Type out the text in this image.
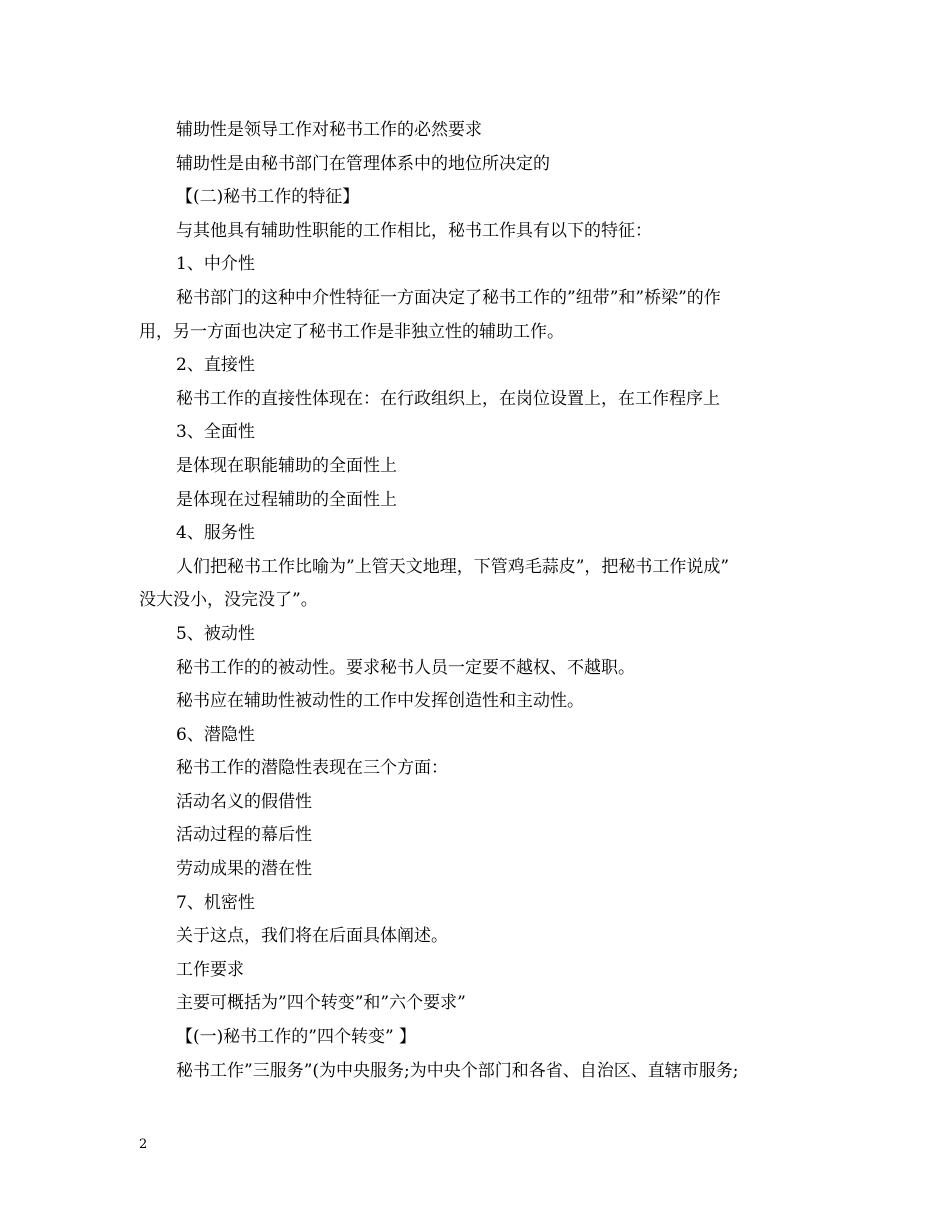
辅助性是领导工作对秘书工作的必然要求
辅助性是由秘书部门在管理体系中的地位所决定的
【(二)秘书工作的特征】
与其他具有辅助性职能的工作相比，秘书工作具有以下的特征：
1、中介性
秘书部门的这种中介性特征一方面决定了秘书工作的”纽带”和”桥梁”的作
用，另一方面也决定了秘书工作是非独立性的辅助工作。
2、直接性
秘书工作的直接性体现在：在行政组织上，在岗位设置上，在工作程序上
3、全面性
是体现在职能辅助的全面性上
是体现在过程辅助的全面性上
4、服务性
人们把秘书工作比喻为”上管天文地理，下管鸡毛蒜皮”，把秘书工作说成”
没大没小，没完没了”。
5、被动性
秘书工作的的被动性。要求秘书人员一定要不越权、不越职。
秘书应在辅助性被动性的工作中发挥创造性和主动性。
6、潜隐性
秘书工作的潜隐性表现在三个方面：
活动名义的假借性
活动过程的幕后性
劳动成果的潜在性
7、机密性
关于这点，我们将在后面具体阐述。
工作要求
主要可概括为”四个转变”和”六个要求”
【(一)秘书工作的”四个转变” 】
秘书工作”三服务”(为中央服务;为中央个部门和各省、自治区、直辖市服务;
2
